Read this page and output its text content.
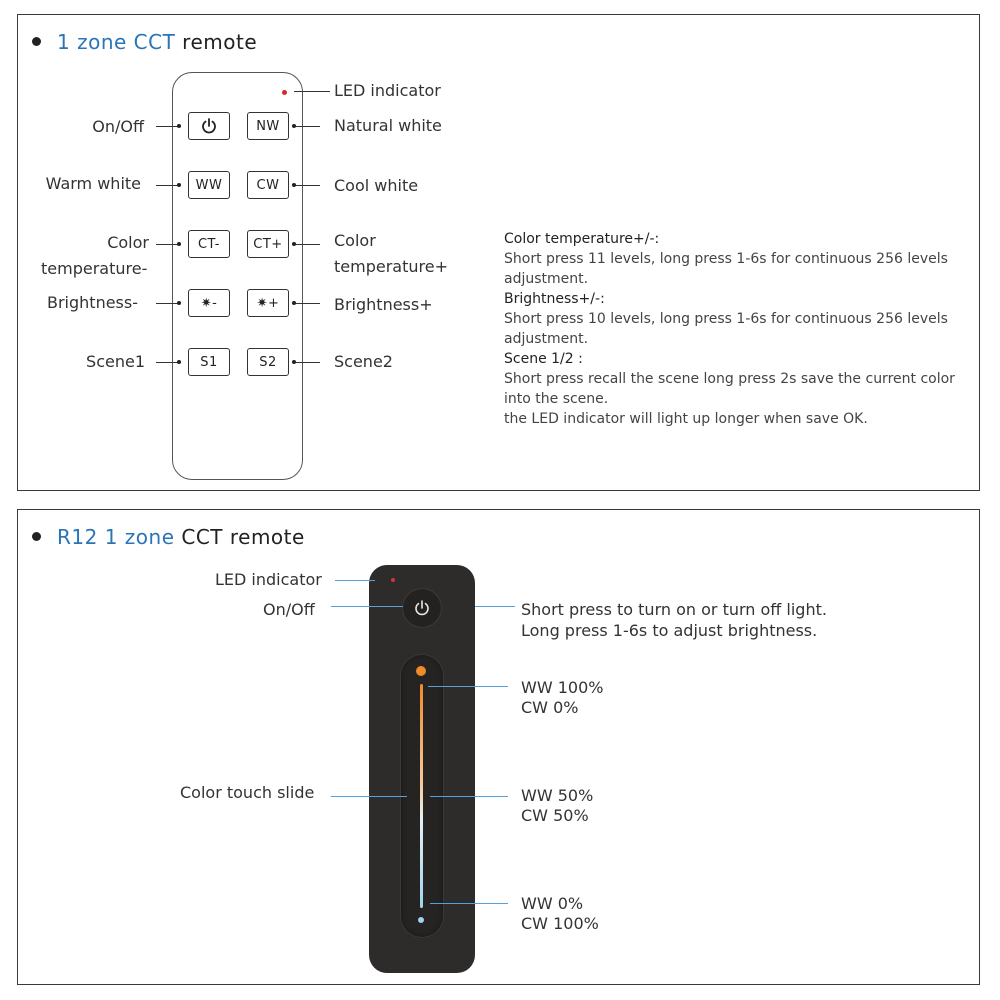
1 zone CCT remote
NW
WW	CW
CT-	CT+
✷-	✷+
S1	S2
On/Off
Warm white
Color
temperature-
Brightness-
Scene1
LED indicator
Natural white
Cool white
Color
temperature+
Brightness+
Scene2
Color temperature+/-:
Short press 11 levels, long press 1-6s for continuous 256 levels adjustment.
Brightness+/-:
Short press 10 levels, long press 1-6s for continuous 256 levels adjustment.
Scene 1/2 :
Short press recall the scene long press 2s save the current color into the scene.
the LED indicator will light up longer when save OK.
R12 1 zone CCT remote
LED indicator
On/Off	Short press to turn on or turn off light.
Long press 1-6s to adjust brightness.
Color touch slide
WW 100%
CW 0%
WW 50%
CW 50%
WW 0%
CW 100%
